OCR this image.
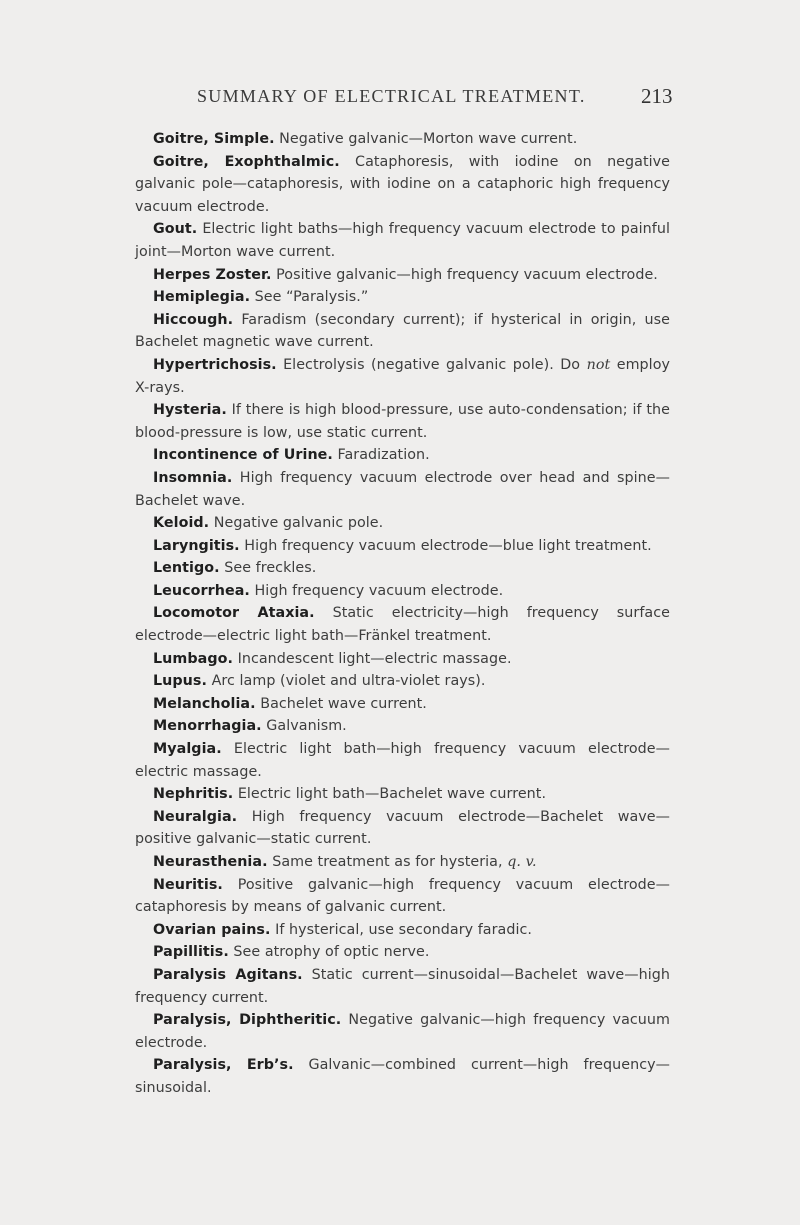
SUMMARY OF ELECTRICAL TREATMENT.	213

Goitre, Simple. Negative galvanic—Morton wave current.

Goitre, Exophthalmic. Cataphoresis, with iodine on negative galvanic pole—cataphoresis, with iodine on a cataphoric high frequency vacuum electrode.

Gout. Electric light baths—high frequency vacuum electrode to painful joint—Morton wave current.

Herpes Zoster. Positive galvanic—high frequency vacuum electrode.

Hemiplegia. See “Paralysis.”

Hiccough. Faradism (secondary current); if hysterical in origin, use Bachelet magnetic wave current.

Hypertrichosis. Electrolysis (negative galvanic pole). Do not employ X-rays.

Hysteria. If there is high blood-pressure, use auto-condensation; if the blood-pressure is low, use static current.

Incontinence of Urine. Faradization.

Insomnia. High frequency vacuum electrode over head and spine—Bachelet wave.

Keloid. Negative galvanic pole.

Laryngitis. High frequency vacuum electrode—blue light treatment.

Lentigo. See freckles.

Leucorrhea. High frequency vacuum electrode.

Locomotor Ataxia. Static electricity—high frequency surface electrode—electric light bath—Fränkel treatment.

Lumbago. Incandescent light—electric massage.

Lupus. Arc lamp (violet and ultra-violet rays).

Melancholia. Bachelet wave current.

Menorrhagia. Galvanism.

Myalgia. Electric light bath—high frequency vacuum electrode—electric massage.

Nephritis. Electric light bath—Bachelet wave current.

Neuralgia. High frequency vacuum electrode—Bachelet wave—positive galvanic—static current.

Neurasthenia. Same treatment as for hysteria, q. v.

Neuritis. Positive galvanic—high frequency vacuum electrode—cataphoresis by means of galvanic current.

Ovarian pains. If hysterical, use secondary faradic.

Papillitis. See atrophy of optic nerve.

Paralysis Agitans. Static current—sinusoidal—Bachelet wave—high frequency current.

Paralysis, Diphtheritic. Negative galvanic—high frequency vacuum electrode.

Paralysis, Erb’s. Galvanic—combined current—high frequency—sinusoidal.
